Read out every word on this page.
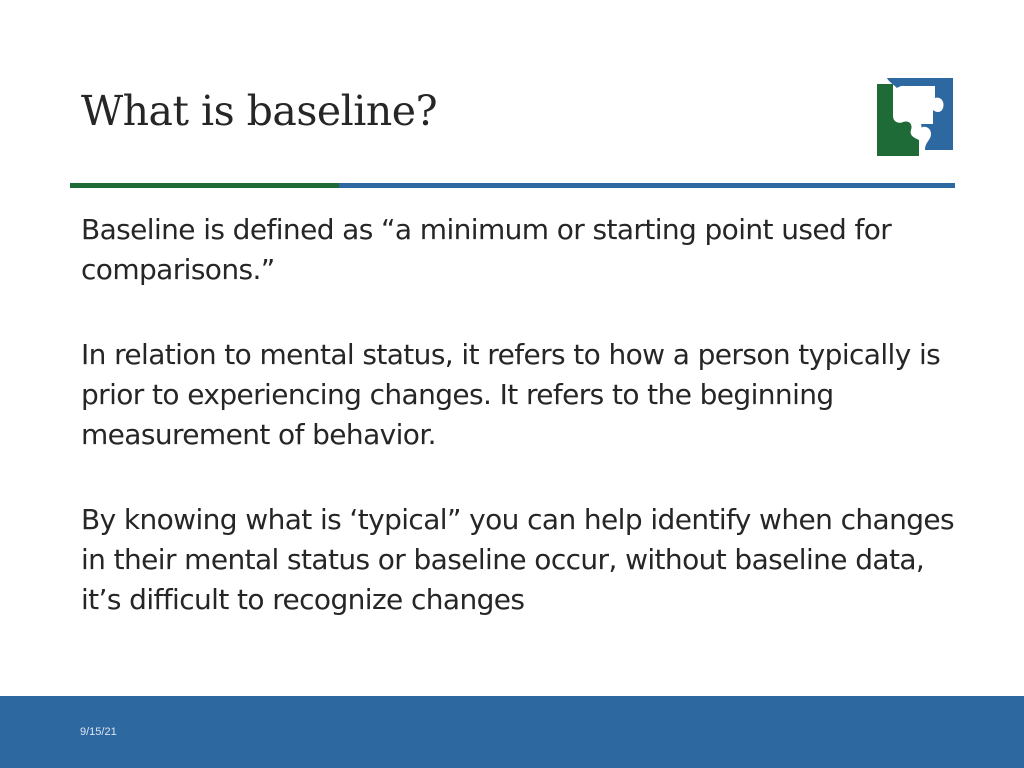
What is baseline?

Baseline is defined as “a minimum or starting point used for comparisons.”

In relation to mental status, it refers to how a person typically is prior to experiencing changes. It refers to the beginning measurement of behavior.

By knowing what is ‘typical” you can help identify when changes in their mental status or baseline occur, without baseline data, it’s difficult to recognize changes

9/15/21
